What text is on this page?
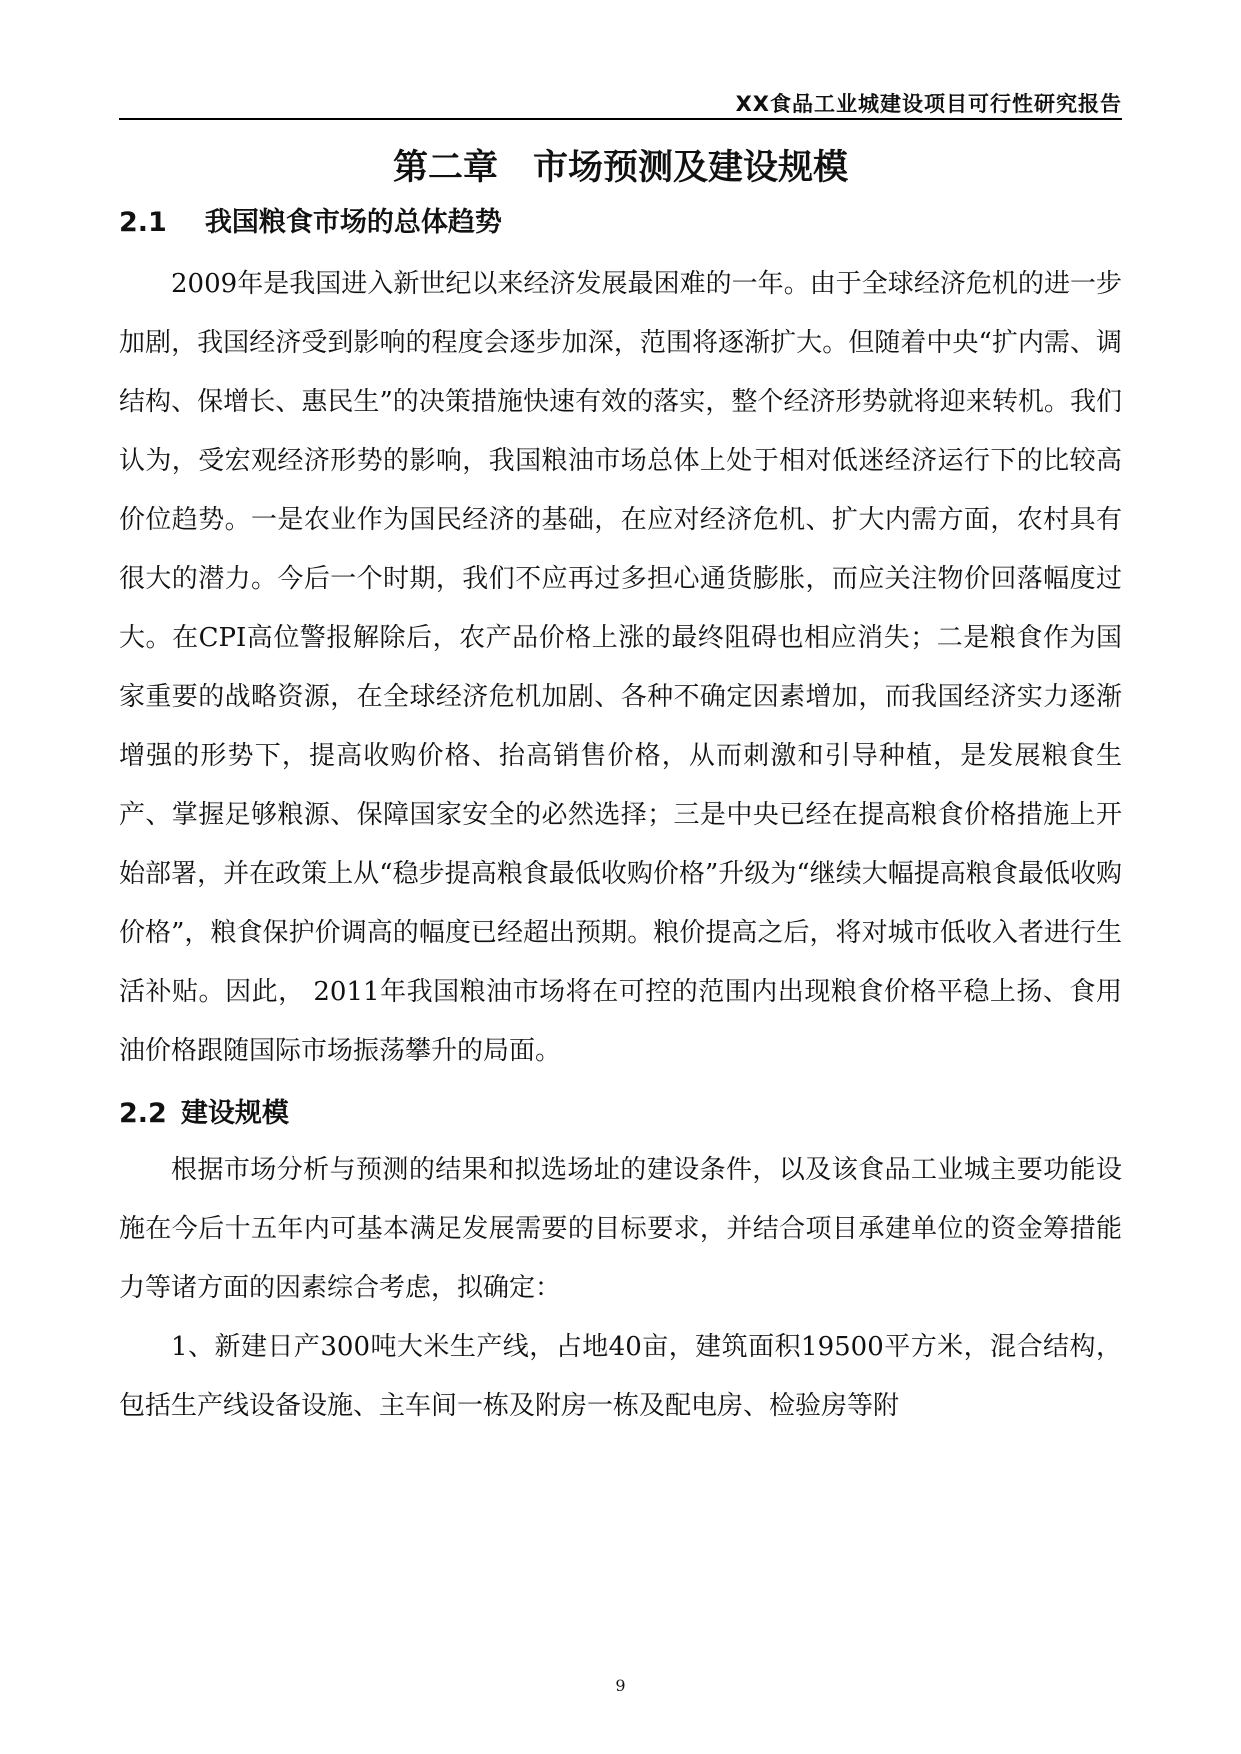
XX食品工业城建设项目可行性研究报告
第二章　市场预测及建设规模
2.1 我国粮食市场的总体趋势

2009年是我国进入新世纪以来经济发展最困难的一年。由于全球经济危机的进一步加剧，我国经济受到影响的程度会逐步加深，范围将逐渐扩大。但随着中央“扩内需、调结构、保增长、惠民生”的决策措施快速有效的落实，整个经济形势就将迎来转机。我们认为，受宏观经济形势的影响，我国粮油市场总体上处于相对低迷经济运行下的比较高价位趋势。一是农业作为国民经济的基础，在应对经济危机、扩大内需方面，农村具有很大的潜力。今后一个时期，我们不应再过多担心通货膨胀，而应关注物价回落幅度过大。在CPI高位警报解除后，农产品价格上涨的最终阻碍也相应消失；二是粮食作为国家重要的战略资源，在全球经济危机加剧、各种不确定因素增加，而我国经济实力逐渐增强的形势下，提高收购价格、抬高销售价格，从而刺激和引导种植，是发展粮食生产、掌握足够粮源、保障国家安全的必然选择；三是中央已经在提高粮食价格措施上开始部署，并在政策上从“稳步提高粮食最低收购价格”升级为“继续大幅提高粮食最低收购价格”，粮食保护价调高的幅度已经超出预期。粮价提高之后，将对城市低收入者进行生活补贴。因此， 2011年我国粮油市场将在可控的范围内出现粮食价格平稳上扬、食用油价格跟随国际市场振荡攀升的局面。

2.2 建设规模

根据市场分析与预测的结果和拟选场址的建设条件，以及该食品工业城主要功能设施在今后十五年内可基本满足发展需要的目标要求，并结合项目承建单位的资金筹措能力等诸方面的因素综合考虑，拟确定：

1、新建日产300吨大米生产线，占地40亩，建筑面积19500平方米，混合结构，包括生产线设备设施、主车间一栋及附房一栋及配电房、检验房等附

9
